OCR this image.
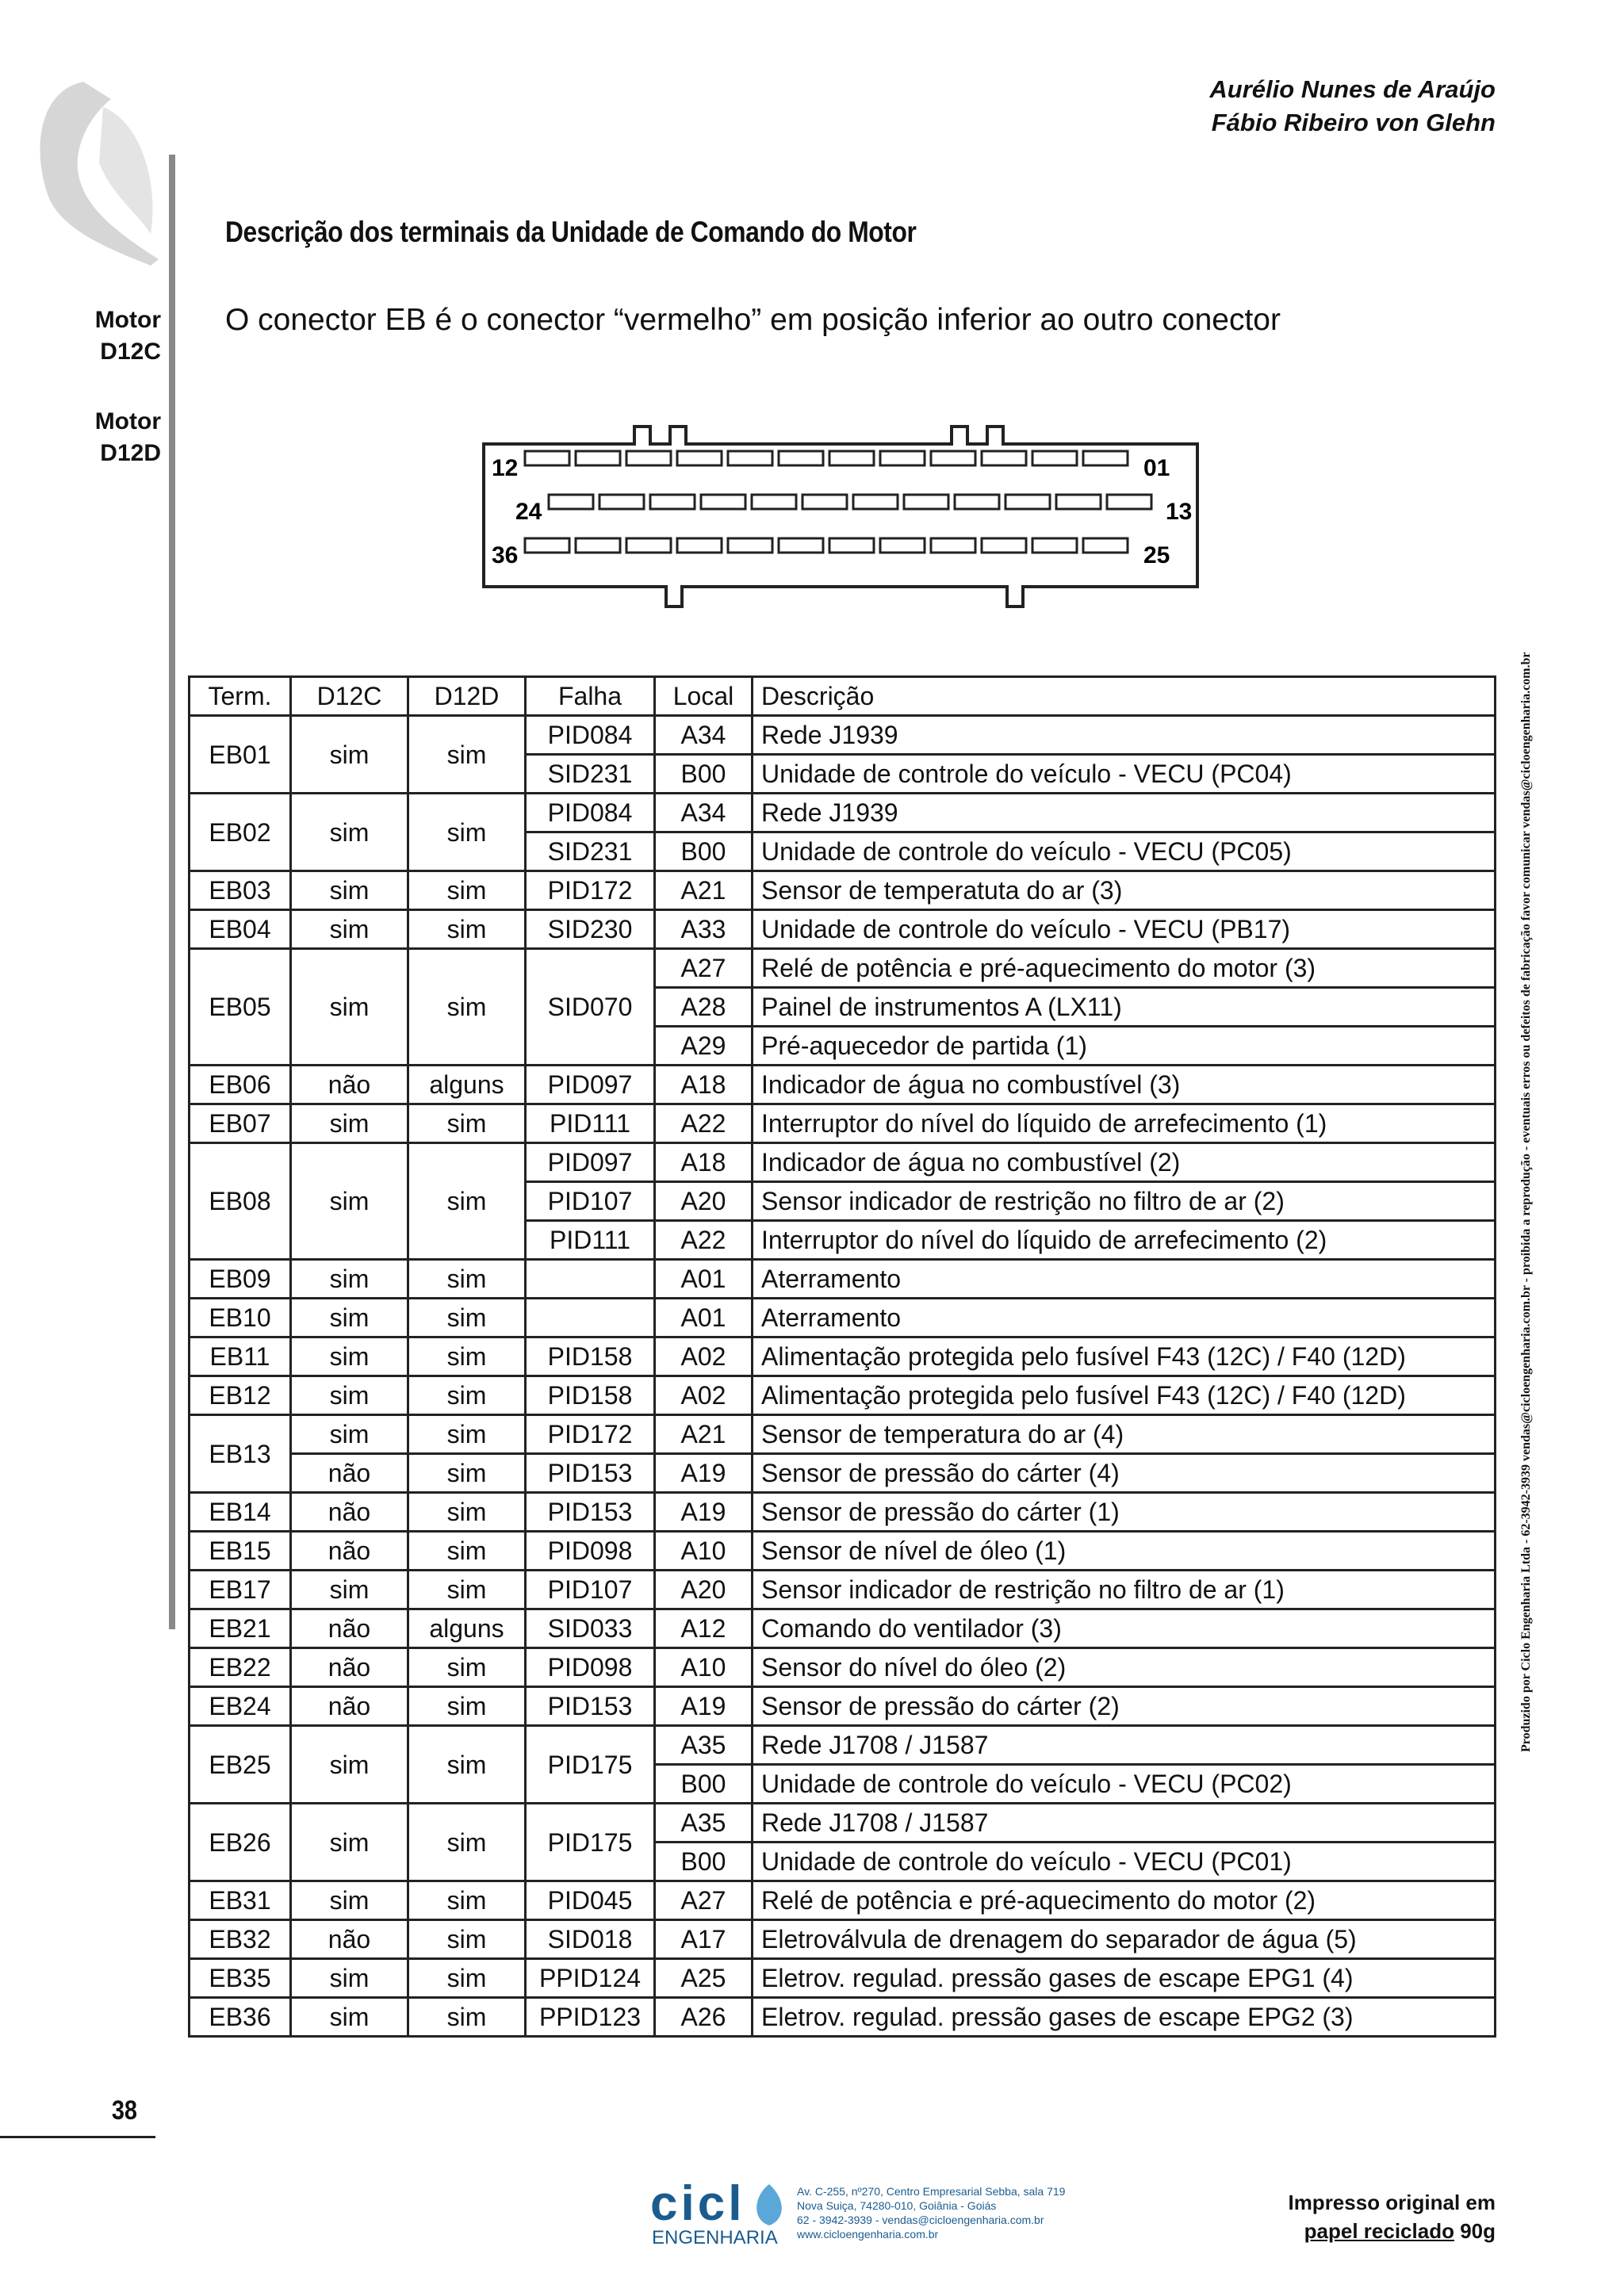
Aurélio Nunes de Araújo
Fábio Ribeiro von Glehn
Descrição dos terminais da Unidade de Comando do Motor
Motor
D12C
Motor
D12D
O conector EB é o conector “vermelho” em posição inferior ao outro conector
12	01
24	13
36	25
Term.	D12C	D12D	Falha	Local	Descrição
EB01	sim	sim	PID084	A34	Rede J1939
			SID231	B00	Unidade de controle do veículo - VECU (PC04)
EB02	sim	sim	PID084	A34	Rede J1939
			SID231	B00	Unidade de controle do veículo - VECU (PC05)
EB03	sim	sim	PID172	A21	Sensor de temperatuta do ar (3)
EB04	sim	sim	SID230	A33	Unidade de controle do veículo - VECU (PB17)
EB05	sim	sim	SID070	A27	Relé de potência e pré-aquecimento do motor (3)
				A28	Painel de instrumentos A (LX11)
				A29	Pré-aquecedor de partida (1)
EB06	não	alguns	PID097	A18	Indicador de água no combustível (3)
EB07	sim	sim	PID111	A22	Interruptor do nível do líquido de arrefecimento (1)
EB08	sim	sim	PID097	A18	Indicador de água no combustível (2)
			PID107	A20	Sensor indicador de restrição no filtro de ar (2)
			PID111	A22	Interruptor do nível do líquido de arrefecimento (2)
EB09	sim	sim		A01	Aterramento
EB10	sim	sim		A01	Aterramento
EB11	sim	sim	PID158	A02	Alimentação protegida pelo fusível F43 (12C) / F40 (12D)
EB12	sim	sim	PID158	A02	Alimentação protegida pelo fusível F43 (12C) / F40 (12D)
EB13	sim	sim	PID172	A21	Sensor de temperatura do ar (4)
	não	sim	PID153	A19	Sensor de pressão do cárter (4)
EB14	não	sim	PID153	A19	Sensor de pressão do cárter (1)
EB15	não	sim	PID098	A10	Sensor de nível de óleo (1)
EB17	sim	sim	PID107	A20	Sensor indicador de restrição no filtro de ar (1)
EB21	não	alguns	SID033	A12	Comando do ventilador (3)
EB22	não	sim	PID098	A10	Sensor do nível do óleo (2)
EB24	não	sim	PID153	A19	Sensor de pressão do cárter (2)
EB25	sim	sim	PID175	A35	Rede J1708 / J1587
				B00	Unidade de controle do veículo - VECU (PC02)
EB26	sim	sim	PID175	A35	Rede J1708 / J1587
				B00	Unidade de controle do veículo - VECU (PC01)
EB31	sim	sim	PID045	A27	Relé de potência e pré-aquecimento do motor (2)
EB32	não	sim	SID018	A17	Eletroválvula de drenagem do separador de água (5)
EB35	sim	sim	PPID124	A25	Eletrov. regulad. pressão gases de escape EPG1 (4)
EB36	sim	sim	PPID123	A26	Eletrov. regulad. pressão gases de escape EPG2 (3)
38
Produzido por Ciclo Engenharia Ltda - 62-3942-3939 vendas@cicloengenharia.com.br - proibida a reprodução - eventuais erros ou defeitos de fabricação favor comunicar vendas@cicloengenharia.com.br
cicl
ENGENHARIA
Av. C-255, nº270, Centro Empresarial Sebba, sala 719
Nova Suiça, 74280-010, Goiânia - Goiás
62 - 3942-3939 - vendas@cicloengenharia.com.br
www.cicloengenharia.com.br
Impresso original em
papel reciclado 90g
